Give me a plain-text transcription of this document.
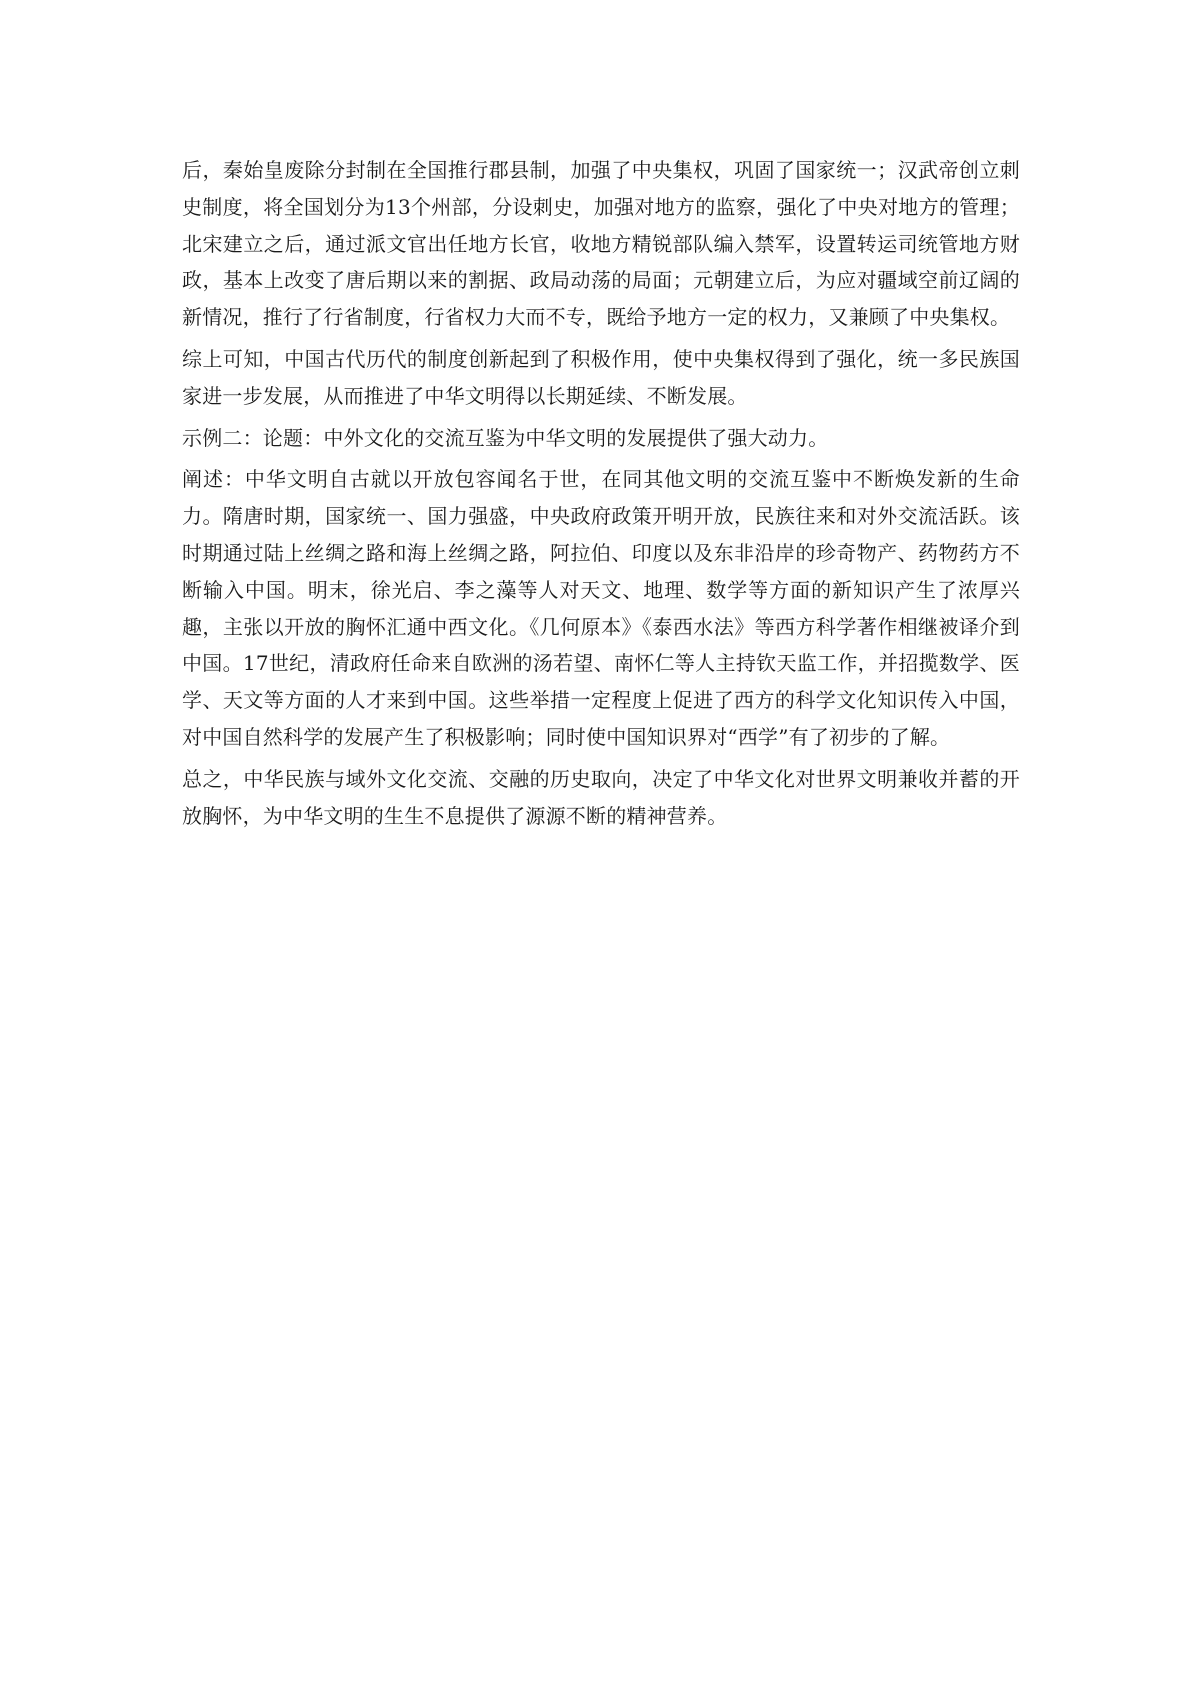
后，秦始皇废除分封制在全国推行郡县制，加强了中央集权，巩固了国家统一；汉武帝创立刺史制度，将全国划分为13个州部，分设刺史，加强对地方的监察，强化了中央对地方的管理；北宋建立之后，通过派文官出任地方长官，收地方精锐部队编入禁军，设置转运司统管地方财政，基本上改变了唐后期以来的割据、政局动荡的局面；元朝建立后，为应对疆域空前辽阔的新情况，推行了行省制度，行省权力大而不专，既给予地方一定的权力，又兼顾了中央集权。

综上可知，中国古代历代的制度创新起到了积极作用，使中央集权得到了强化，统一多民族国家进一步发展，从而推进了中华文明得以长期延续、不断发展。

示例二：论题：中外文化的交流互鉴为中华文明的发展提供了强大动力。

阐述：中华文明自古就以开放包容闻名于世，在同其他文明的交流互鉴中不断焕发新的生命力。隋唐时期，国家统一、国力强盛，中央政府政策开明开放，民族往来和对外交流活跃。该时期通过陆上丝绸之路和海上丝绸之路，阿拉伯、印度以及东非沿岸的珍奇物产、药物药方不断输入中国。明末，徐光启、李之藻等人对天文、地理、数学等方面的新知识产生了浓厚兴趣，主张以开放的胸怀汇通中西文化。《几何原本》《泰西水法》等西方科学著作相继被译介到中国。17世纪，清政府任命来自欧洲的汤若望、南怀仁等人主持钦天监工作，并招揽数学、医学、天文等方面的人才来到中国。这些举措一定程度上促进了西方的科学文化知识传入中国，对中国自然科学的发展产生了积极影响；同时使中国知识界对“西学”有了初步的了解。

总之，中华民族与域外文化交流、交融的历史取向，决定了中华文化对世界文明兼收并蓄的开放胸怀，为中华文明的生生不息提供了源源不断的精神营养。
